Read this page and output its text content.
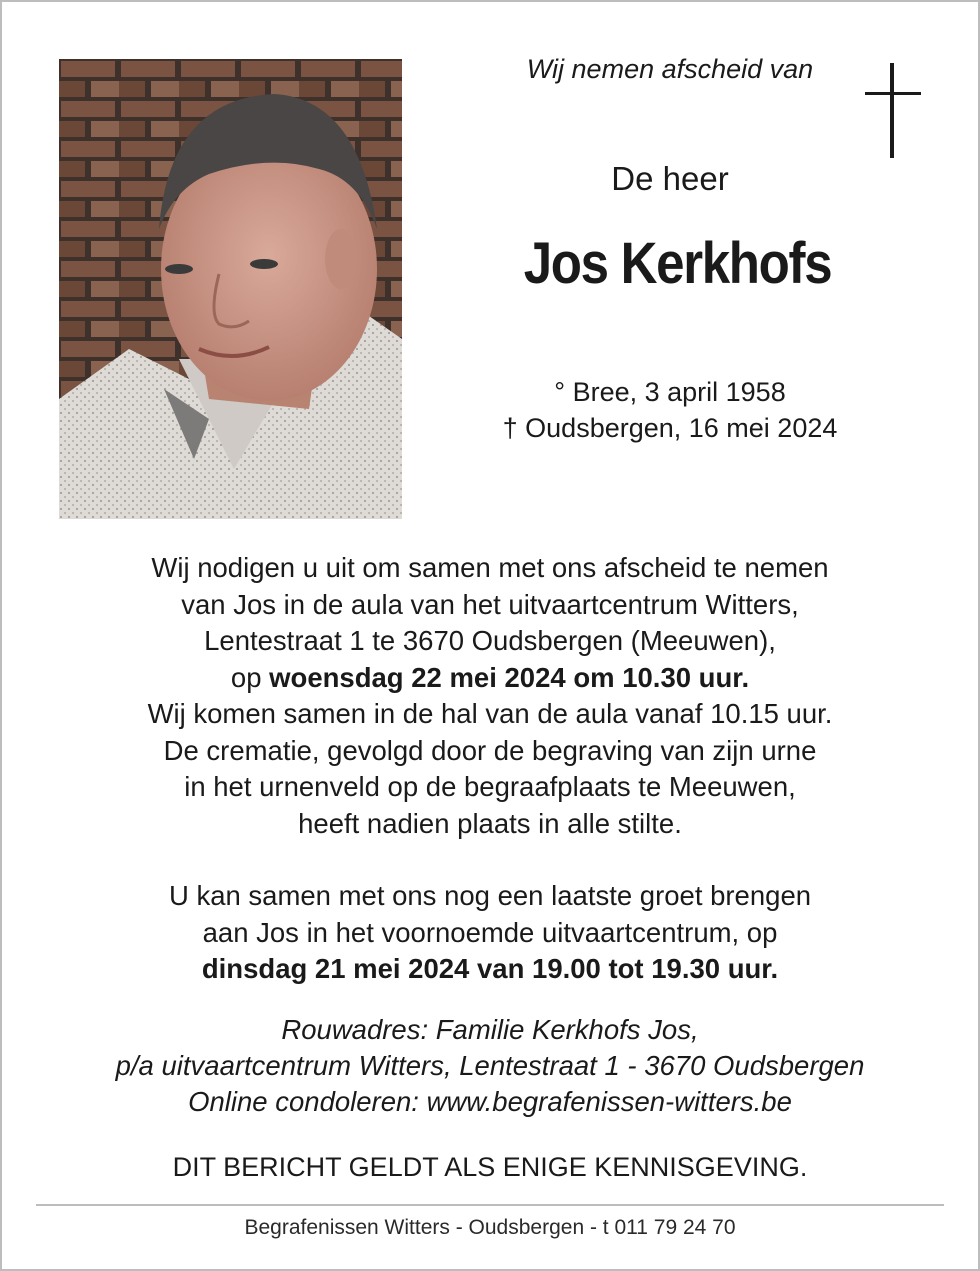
Wij nemen afscheid van
De heer
Jos Kerkhofs
° Bree, 3 april 1958
† Oudsbergen, 16 mei 2024

Wij nodigen u uit om samen met ons afscheid te nemen

van Jos in de aula van het uitvaartcentrum Witters,

Lentestraat 1 te 3670 Oudsbergen (Meeuwen),

op woensdag 22 mei 2024 om 10.30 uur.

Wij komen samen in de hal van de aula vanaf 10.15 uur.

De crematie, gevolgd door de begraving van zijn urne

in het urnenveld op de begraafplaats te Meeuwen,

heeft nadien plaats in alle stilte.

U kan samen met ons nog een laatste groet brengen

aan Jos in het voornoemde uitvaartcentrum, op

dinsdag 21 mei 2024 van 19.00 tot 19.30 uur.

Rouwadres: Familie Kerkhofs Jos,
p/a uitvaartcentrum Witters, Lentestraat 1 - 3670 Oudsbergen
Online condoleren: www.begrafenissen-witters.be
DIT BERICHT GELDT ALS ENIGE KENNISGEVING.
Begrafenissen Witters - Oudsbergen - t 011 79 24 70
